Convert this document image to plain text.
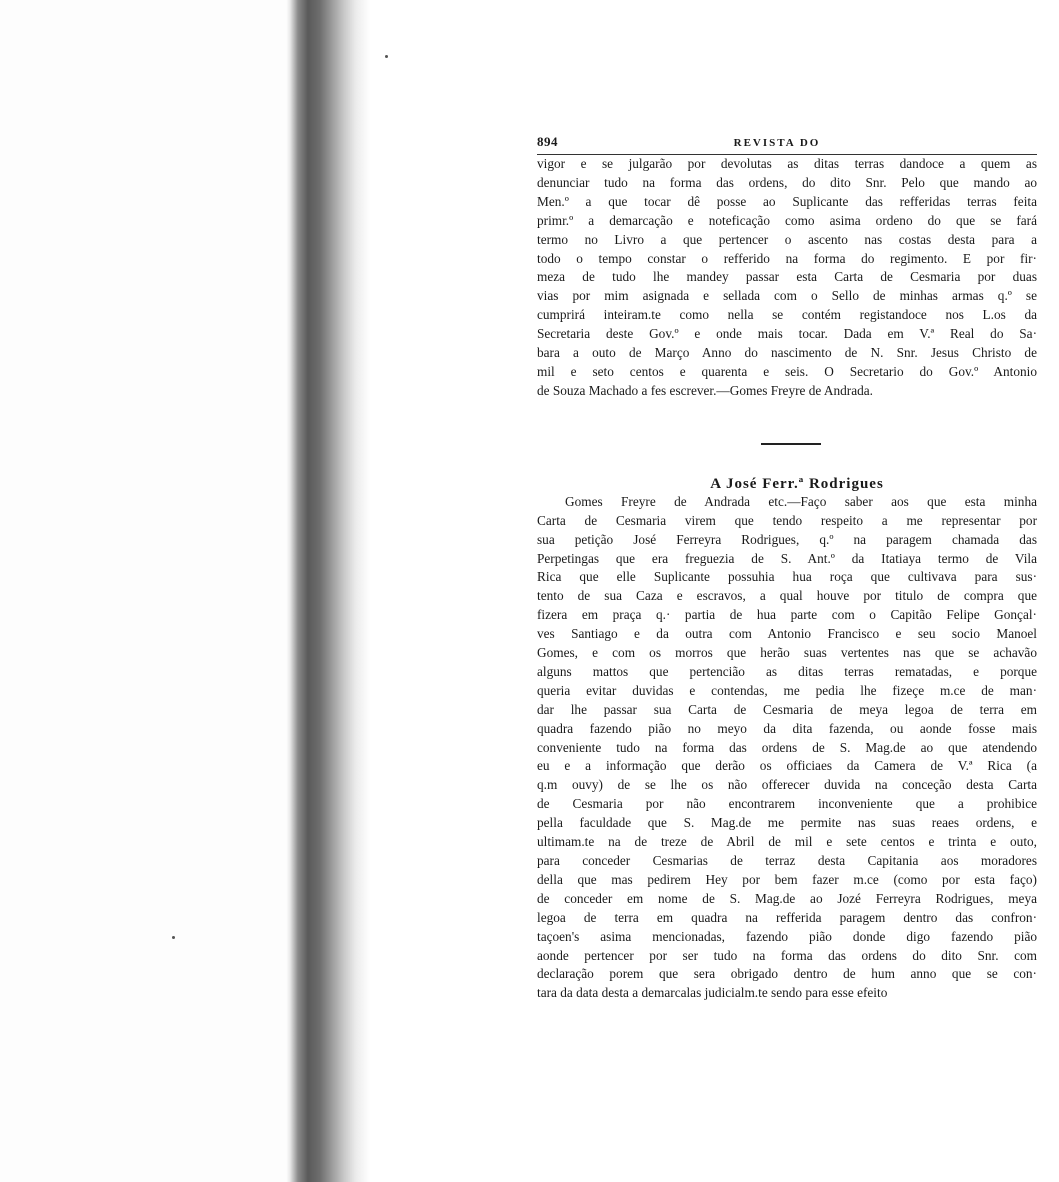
894	REVISTA DO

vigor e se julgarão por devolutas as ditas terras dandoce a quem as
denunciar tudo na forma das ordens, do dito Snr. Pelo que mando ao
Men.º a que tocar dê posse ao Suplicante das refferidas terras feita
primr.º a demarcação e noteficação como asima ordeno do que se fará
termo no Livro a que pertencer o ascento nas costas desta para a
todo o tempo constar o refferido na forma do regimento. E por fir·
meza de tudo lhe mandey passar esta Carta de Cesmaria por duas
vias por mim asignada e sellada com o Sello de minhas armas q.º se
cumprirá inteiram.te como nella se contém registandoce nos L.os da
Secretaria deste Gov.º e onde mais tocar. Dada em V.ª Real do Sa·
bara a outo de Março Anno do nascimento de N. Snr. Jesus Christo de
mil e seto centos e quarenta e seis. O Secretario do Gov.º Antonio
de Souza Machado a fes escrever.—Gomes Freyre de Andrada.

A José Ferr.ª Rodrigues

Gomes Freyre de Andrada etc.—Faço saber aos que esta minha
Carta de Cesmaria virem que tendo respeito a me representar por
sua petição José Ferreyra Rodrigues, q.º na paragem chamada das
Perpetingas que era freguezia de S. Ant.º da Itatiaya termo de Vila
Rica que elle Suplicante possuhia hua roça que cultivava para sus·
tento de sua Caza e escravos, a qual houve por titulo de compra que
fizera em praça q.· partia de hua parte com o Capitão Felipe Gonçal·
ves Santiago e da outra com Antonio Francisco e seu socio Manoel
Gomes, e com os morros que herão suas vertentes nas que se achavão
alguns mattos que pertencião as ditas terras rematadas, e porque
queria evitar duvidas e contendas, me pedia lhe fizeçe m.ce de man·
dar lhe passar sua Carta de Cesmaria de meya legoa de terra em
quadra fazendo pião no meyo da dita fazenda, ou aonde fosse mais
conveniente tudo na forma das ordens de S. Mag.de ao que atendendo
eu e a informação que derão os officiaes da Camera de V.ª Rica (a
q.m ouvy) de se lhe os não offerecer duvida na conceção desta Carta
de Cesmaria por não encontrarem inconveniente que a prohibice
pella faculdade que S. Mag.de me permite nas suas reaes ordens, e
ultimam.te na de treze de Abril de mil e sete centos e trinta e outo,
para conceder Cesmarias de terraz desta Capitania aos moradores
della que mas pedirem Hey por bem fazer m.ce (como por esta faço)
de conceder em nome de S. Mag.de ao Jozé Ferreyra Rodrigues, meya
legoa de terra em quadra na refferida paragem dentro das confron·
taçoen's asima mencionadas, fazendo pião donde digo fazendo pião
aonde pertencer por ser tudo na forma das ordens do dito Snr. com
declaração porem que sera obrigado dentro de hum anno que se con·
tara da data desta a demarcalas judicialm.te sendo para esse efeito
